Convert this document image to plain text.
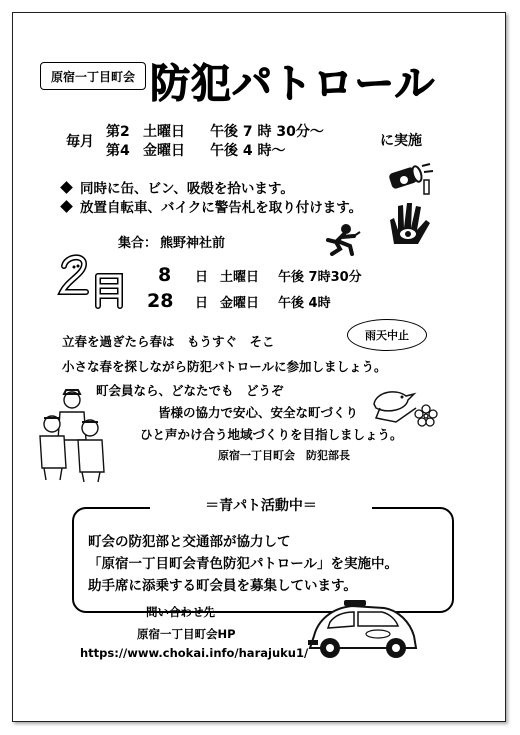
原宿一丁目町会 防犯パトロール
毎月
第2 土曜日 午後 7 時 30分～
第4 金曜日 午後 4 時～
に実施
同時に缶、ビン、吸殻を拾います。
放置自転車、バイクに警告札を取り付けます。
集合： 熊野神社前
8 日 土曜日 午後 7時30分
28 日 金曜日 午後 4時
雨天中止
立春を過ぎたら春は　もうすぐ　そこ
小さな春を探しながら防犯パトロールに参加しましょう。
町会員なら、どなたでも　どうぞ
皆様の協力で安心、安全な町づくり
ひと声かけ合う地域づくりを目指しましょう。
原宿一丁目町会　防犯部長
＝青パト活動中＝
町会の防犯部と交通部が協力して
「原宿一丁目町会青色防犯パトロール」を実施中。
助手席に添乗する町会員を募集しています。
問い合わせ先
原宿一丁目町会HP
https://www.chokai.info/harajuku1/
